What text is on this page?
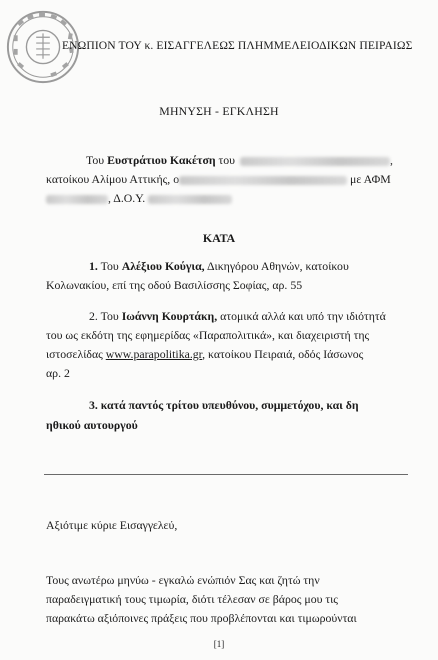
ΕΝΩΠΙΟΝ ΤΟΥ κ. ΕΙΣΑΓΓΕΛΕΩΣ ΠΛΗΜΜΕΛΕΙΟΔΙΚΩΝ ΠΕΙΡΑΙΩΣ
ΜΗΝΥΣΗ - ΕΓΚΛΗΣΗ
Του Ευστράτιου Κακέτση του	,
κατοίκου Αλίμου Αττικής, ο	με ΑΦΜ
, Δ.Ο.Υ.
ΚΑΤΑ
1. Του Αλέξιου Κούγια, Δικηγόρου Αθηνών, κατοίκου
Κολωνακίου, επί της οδού Βασιλίσσης Σοφίας, αρ. 55
2. Του Ιωάννη Κουρτάκη, ατομικά αλλά και υπό την ιδιότητά
του ως εκδότη της εφημερίδας «Παραπολιτικά», και διαχειριστή της
ιστοσελίδας www.parapolitika.gr, κατοίκου Πειραιά, οδός Ιάσωνος
αρ. 2
3. κατά παντός τρίτου υπευθύνου, συμμετόχου, και δη
ηθικού αυτουργού
Αξιότιμε κύριε Εισαγγελεύ,
Τους ανωτέρω μηνύω - εγκαλώ ενώπιόν Σας και ζητώ την
παραδειγματική τους τιμωρία, διότι τέλεσαν σε βάρος μου τις
παρακάτω αξιόποινες πράξεις που προβλέπονται και τιμωρούνται
[1]
